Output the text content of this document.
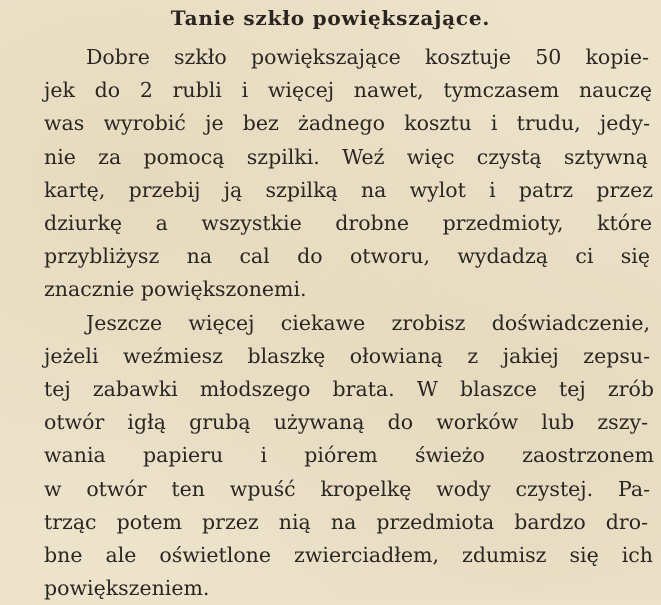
Tanie szkło powiększające.
Dobre szkło powiększające kosztuje 50 kopie-
jek do 2 rubli i więcej nawet, tymczasem nauczę
was wyrobić je bez żadnego kosztu i trudu, jedy-
nie za pomocą szpilki. Weź więc czystą sztywną
kartę, przebij ją szpilką na wylot i patrz przez
dziurkę a wszystkie drobne przedmioty, które
przybliżysz na cal do otworu, wydadzą ci się
znacznie powiększonemi.
Jeszcze więcej ciekawe zrobisz doświadczenie,
jeżeli weźmiesz blaszkę ołowianą z jakiej zepsu-
tej zabawki młodszego brata. W blaszce tej zrób
otwór igłą grubą używaną do worków lub zszy-
wania papieru i piórem świeżo zaostrzonem
w otwór ten wpuść kropelkę wody czystej. Pa-
trząc potem przez nią na przedmiota bardzo dro-
bne ale oświetlone zwierciadłem, zdumisz się ich
powiększeniem.
